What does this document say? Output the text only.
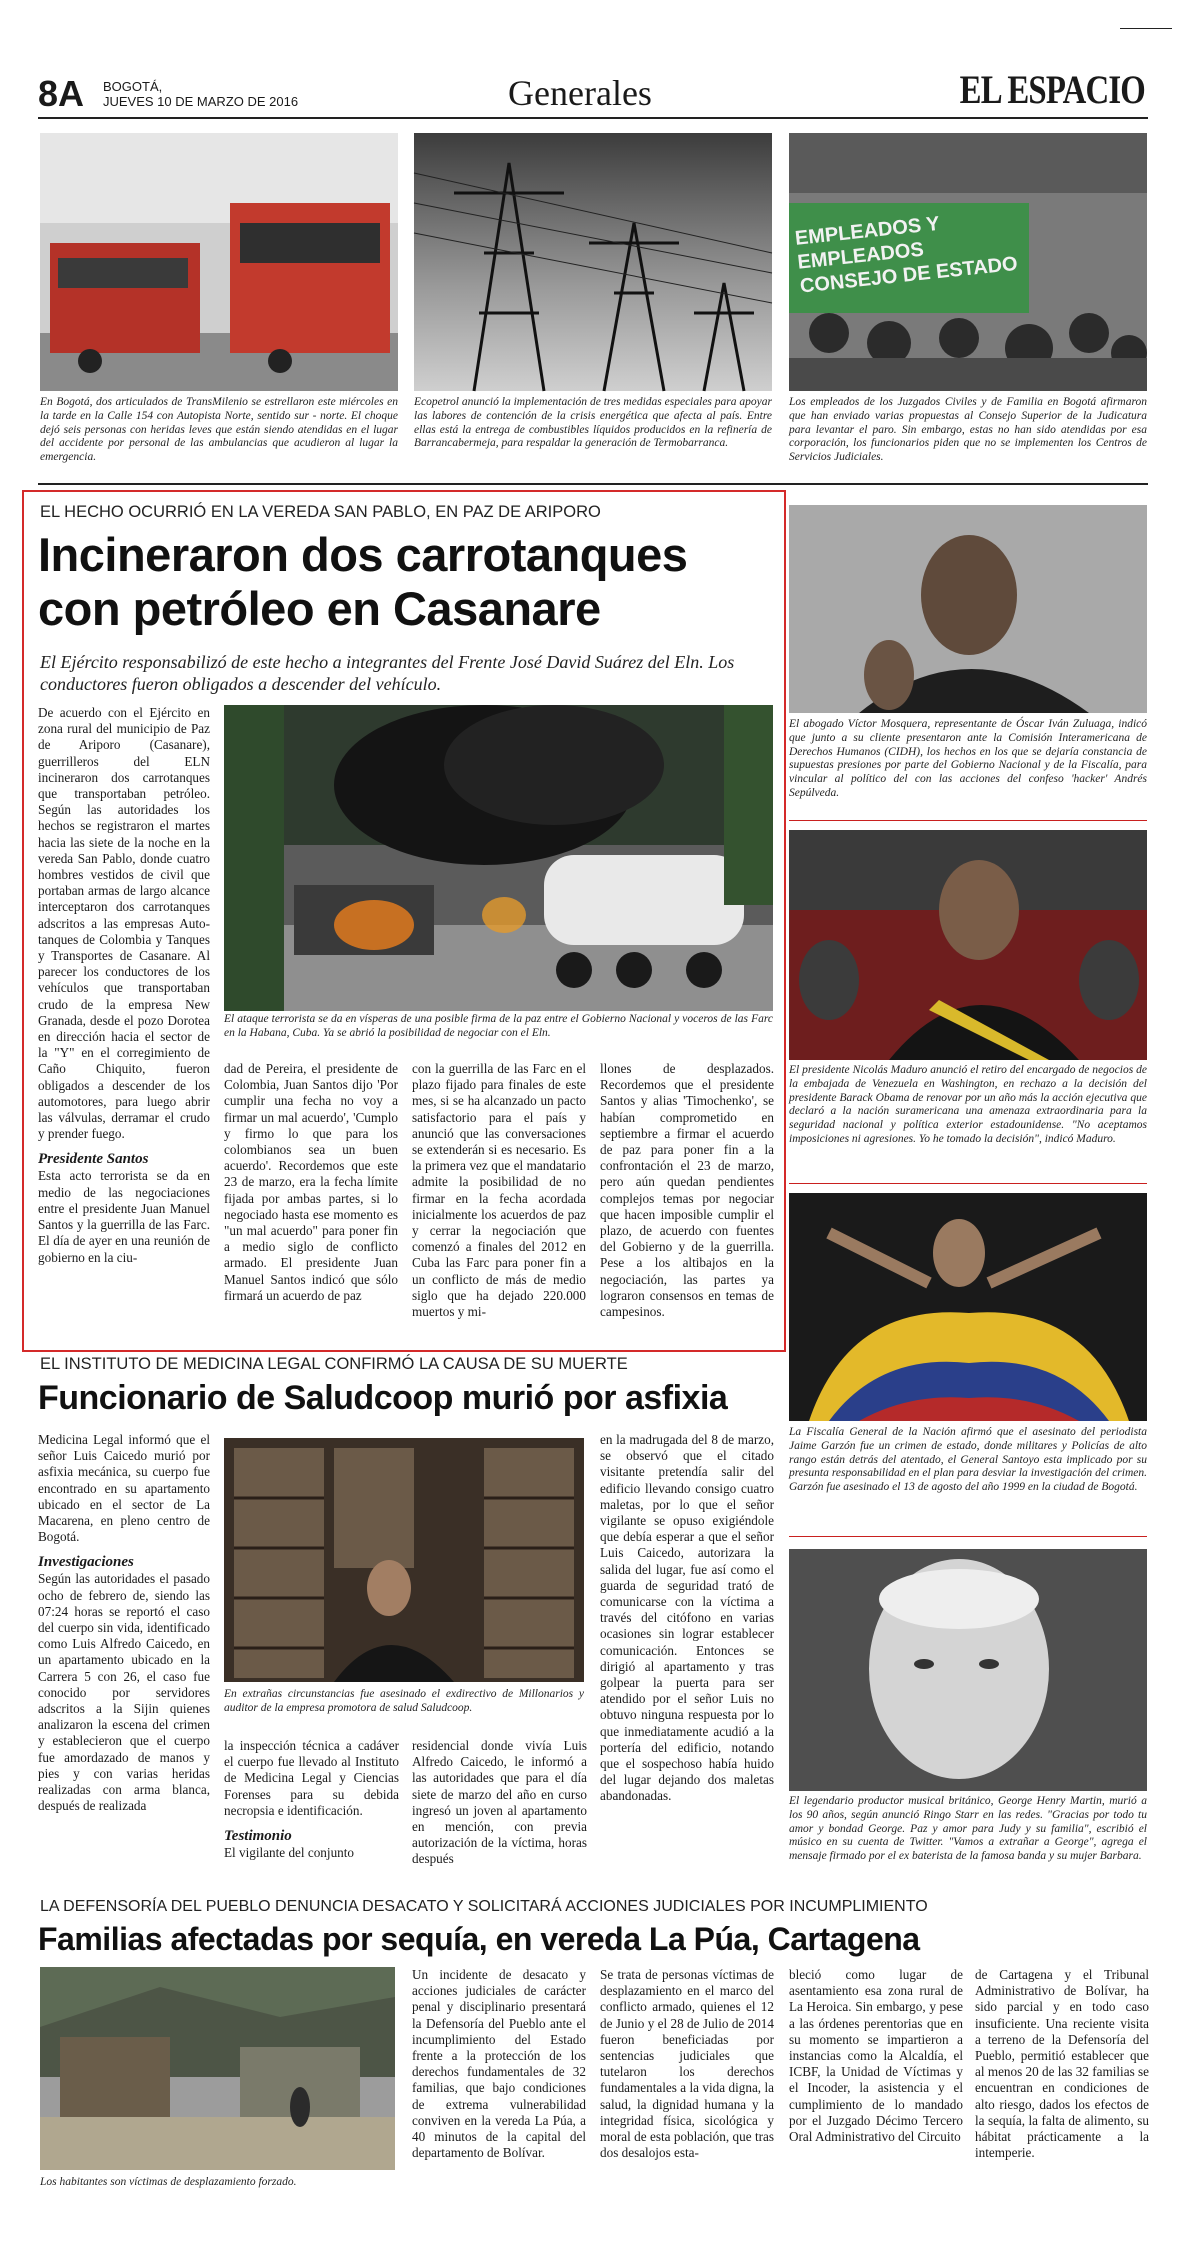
8A BOGOTÁ,
JUEVES 10 DE MARZO DE 2016	Generales	EL ESPACIO
En Bogotá, dos articulados de TransMilenio se estrellaron este miércoles en la tarde en la Calle 154 con Autopista Norte, sentido sur - norte. El choque dejó seis personas con heridas leves que están siendo atendidas en el lugar del accidente por personal de las ambulancias que acudieron al lugar la emergencia.
Ecopetrol anunció la implementación de tres medidas especiales para apoyar las labores de contención de la crisis energética que afecta al país. Entre ellas está la entrega de combustibles líquidos producidos en la refinería de Barrancabermeja, para respaldar la generación de Termobarranca.
EMPLEADOS Y EMPLEADOS CONSEJO DE ESTADO
Los empleados de los Juzgados Civiles y de Familia en Bogotá afirmaron que han enviado varias propuestas al Consejo Superior de la Judicatura para levantar el paro. Sin embargo, estas no han sido atendidas por esa corporación, los funcionarios piden que no se implementen los Centros de Servicios Judiciales.
EL HECHO OCURRIÓ EN LA VEREDA SAN PABLO, EN PAZ DE ARIPORO
Incineraron dos carrotanques
con petróleo en Casanare
El Ejército responsabilizó de este hecho a integrantes del Frente José David Suárez del Eln. Los conductores fueron obligados a descender del vehículo.

De acuerdo con el Ejército en zona rural del municipio de Paz de Ariporo (Casanare), guerrilleros del ELN incineraron dos carrotanques que transportaban petróleo. Según las autoridades los hechos se registraron el martes hacia las siete de la noche en la vereda San Pablo, donde cuatro hombres vestidos de civil que portaban armas de largo alcance interceptaron dos carrotanques adscritos a las empresas Auto-tanques de Colombia y Tanques y Transportes de Casanare. Al parecer los conductores de los vehículos que transportaban crudo de la empresa New Granada, desde el pozo Dorotea en dirección hacia el sector de la "Y" en el corregimiento de Caño Chiquito, fueron obligados a descender de los automotores, para luego abrir las válvulas, derramar el crudo y prender fuego.

Presidente Santos

Esta acto terrorista se da en medio de las negociaciones entre el presidente Juan Manuel Santos y la guerrilla de las Farc. El día de ayer en una reunión de gobierno en la ciu-

El ataque terrorista se da en vísperas de una posible firma de la paz entre el Gobierno Nacional y voceros de las Farc en la Habana, Cuba. Ya se abrió la posibilidad de negociar con el Eln.
dad de Pereira, el presidente de Colombia, Juan Santos dijo 'Por cumplir una fecha no voy a firmar un mal acuerdo', 'Cumplo y firmo lo que para los colombianos sea un buen acuerdo'. Recordemos que este 23 de marzo, era la fecha límite fijada por ambas partes, si lo negociado hasta ese momento es "un mal acuerdo" para poner fin a medio siglo de conflicto armado. El presidente Juan Manuel Santos indicó que sólo firmará un acuerdo de paz
con la guerrilla de las Farc en el plazo fijado para finales de este mes, si se ha alcanzado un pacto satisfactorio para el país y anunció que las conversaciones se extenderán si es necesario. Es la primera vez que el mandatario admite la posibilidad de no firmar en la fecha acordada inicialmente los acuerdos de paz y cerrar la negociación que comenzó a finales del 2012 en Cuba las Farc para poner fin a un conflicto de más de medio siglo que ha dejado 220.000 muertos y mi-
llones de desplazados. Recordemos que el presidente Santos y alias 'Timochenko', se habían comprometido en septiembre a firmar el acuerdo de paz para poner fin a la confrontación el 23 de marzo, pero aún quedan pendientes complejos temas por negociar que hacen imposible cumplir el plazo, de acuerdo con fuentes del Gobierno y de la guerrilla. Pese a los altibajos en la negociación, las partes ya lograron consensos en temas de campesinos.
El abogado Víctor Mosquera, representante de Óscar Iván Zuluaga, indicó que junto a su cliente presentaron ante la Comisión Interamericana de Derechos Humanos (CIDH), los hechos en los que se dejaría constancia de supuestas presiones por parte del Gobierno Nacional y de la Fiscalía, para vincular al político del con las acciones del confeso 'hacker' Andrés Sepúlveda.
El presidente Nicolás Maduro anunció el retiro del encargado de negocios de la embajada de Venezuela en Washington, en rechazo a la decisión del presidente Barack Obama de renovar por un año más la acción ejecutiva que declaró a la nación suramericana una amenaza extraordinaria para la seguridad nacional y política exterior estadounidense. "No aceptamos imposiciones ni agresiones. Yo he tomado la decisión", indicó Maduro.
La Fiscalía General de la Nación afirmó que el asesinato del periodista Jaime Garzón fue un crimen de estado, donde militares y Policías de alto rango están detrás del atentado, el General Santoyo esta implicado por su presunta responsabilidad en el plan para desviar la investigación del crimen. Garzón fue asesinado el 13 de agosto del año 1999 en la ciudad de Bogotá.
El legendario productor musical británico, George Henry Martin, murió a los 90 años, según anunció Ringo Starr en las redes. "Gracias por todo tu amor y bondad George. Paz y amor para Judy y su familia", escribió el músico en su cuenta de Twitter. "Vamos a extrañar a George", agrega el mensaje firmado por el ex baterista de la famosa banda y su mujer Barbara.
EL INSTITUTO DE MEDICINA LEGAL CONFIRMÓ LA CAUSA DE SU MUERTE
Funcionario de Saludcoop murió por asfixia

Medicina Legal informó que el señor Luis Caicedo murió por asfixia mecánica, su cuerpo fue encontrado en su apartamento ubicado en el sector de La Macarena, en pleno centro de Bogotá.

Investigaciones

Según las autoridades el pasado ocho de febrero de, siendo las 07:24 horas se reportó el caso del cuerpo sin vida, identificado como Luis Alfredo Caicedo, en un apartamento ubicado en la Carrera 5 con 26, el caso fue conocido por servidores adscritos a la Sijin quienes analizaron la escena del crimen y establecieron que el cuerpo fue amordazado de manos y pies y con varias heridas realizadas con arma blanca, después de realizada

En extrañas circunstancias fue asesinado el exdirectivo de Millonarios y auditor de la empresa promotora de salud Saludcoop.

la inspección técnica a cadáver el cuerpo fue llevado al Instituto de Medicina Legal y Ciencias Forenses para su debida necropsia e identificación.

Testimonio

El vigilante del conjunto

residencial donde vivía Luis Alfredo Caicedo, le informó a las autoridades que para el día siete de marzo del año en curso ingresó un joven al apartamento en mención, con previa autorización de la víctima, horas después
en la madrugada del 8 de marzo, se observó que el citado visitante pretendía salir del edificio llevando consigo cuatro maletas, por lo que el señor vigilante se opuso exigiéndole que debía esperar a que el señor Luis Caicedo, autorizara la salida del lugar, fue así como el guarda de seguridad trató de comunicarse con la víctima a través del citófono en varias ocasiones sin lograr establecer comunicación. Entonces se dirigió al apartamento y tras golpear la puerta para ser atendido por el señor Luis no obtuvo ninguna respuesta por lo que inmediatamente acudió a la portería del edificio, notando que el sospechoso había huido del lugar dejando dos maletas abandonadas.
LA DEFENSORÍA DEL PUEBLO DENUNCIA DESACATO Y SOLICITARÁ ACCIONES JUDICIALES POR INCUMPLIMIENTO
Familias afectadas por sequía, en vereda La Púa, Cartagena
Los habitantes son víctimas de desplazamiento forzado.
Un incidente de desacato y acciones judiciales de carácter penal y disciplinario presentará la Defensoría del Pueblo ante el incumplimiento del Estado frente a la protección de los derechos fundamentales de 32 familias, que bajo condiciones de extrema vulnerabilidad conviven en la vereda La Púa, a 40 minutos de la capital del departamento de Bolívar.
Se trata de personas víctimas de desplazamiento en el marco del conflicto armado, quienes el 12 de Junio y el 28 de Julio de 2014 fueron beneficiadas por sentencias judiciales que tutelaron los derechos fundamentales a la vida digna, la salud, la dignidad humana y la integridad física, sicológica y moral de esta población, que tras dos desalojos esta-
bleció como lugar de asentamiento esa zona rural de La Heroica. Sin embargo, y pese a las órdenes perentorias que en su momento se impartieron a instancias como la Alcaldía, el ICBF, la Unidad de Víctimas y el Incoder, la asistencia y el cumplimiento de lo mandado por el Juzgado Décimo Tercero Oral Administrativo del Circuito
de Cartagena y el Tribunal Administrativo de Bolívar, ha sido parcial y en todo caso insuficiente. Una reciente visita a terreno de la Defensoría del Pueblo, permitió establecer que al menos 20 de las 32 familias se encuentran en condiciones de alto riesgo, dados los efectos de la sequía, la falta de alimento, su hábitat prácticamente a la intemperie.
